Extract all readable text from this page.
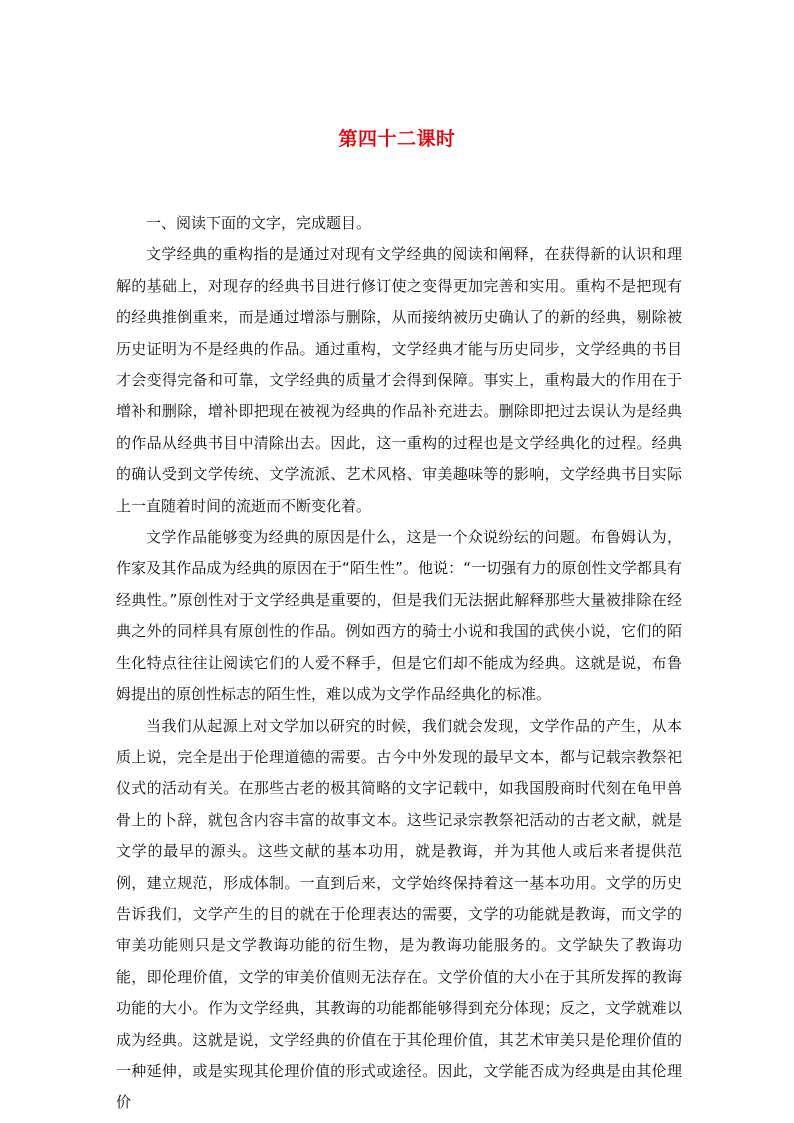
第四十二课时

一、阅读下面的文字，完成题目。

文学经典的重构指的是通过对现有文学经典的阅读和阐释，在获得新的认识和理解的基础上，对现存的经典书目进行修订使之变得更加完善和实用。重构不是把现有的经典推倒重来，而是通过增添与删除，从而接纳被历史确认了的新的经典，剔除被历史证明为不是经典的作品。通过重构，文学经典才能与历史同步，文学经典的书目才会变得完备和可靠，文学经典的质量才会得到保障。事实上，重构最大的作用在于增补和删除，增补即把现在被视为经典的作品补充进去。删除即把过去误认为是经典的作品从经典书目中清除出去。因此，这一重构的过程也是文学经典化的过程。经典的确认受到文学传统、文学流派、艺术风格、审美趣味等的影响，文学经典书目实际上一直随着时间的流逝而不断变化着。

文学作品能够变为经典的原因是什么，这是一个众说纷纭的问题。布鲁姆认为，作家及其作品成为经典的原因在于“陌生性”。他说：“一切强有力的原创性文学都具有经典性。”原创性对于文学经典是重要的，但是我们无法据此解释那些大量被排除在经典之外的同样具有原创性的作品。例如西方的骑士小说和我国的武侠小说，它们的陌生化特点往往让阅读它们的人爱不释手，但是它们却不能成为经典。这就是说，布鲁姆提出的原创性标志的陌生性，难以成为文学作品经典化的标准。

当我们从起源上对文学加以研究的时候，我们就会发现，文学作品的产生，从本质上说，完全是出于伦理道德的需要。古今中外发现的最早文本，都与记载宗教祭祀仪式的活动有关。在那些古老的极其简略的文字记载中，如我国殷商时代刻在龟甲兽骨上的卜辞，就包含内容丰富的故事文本。这些记录宗教祭祀活动的古老文献，就是文学的最早的源头。这些文献的基本功用，就是教诲，并为其他人或后来者提供范例，建立规范，形成体制。一直到后来，文学始终保持着这一基本功用。文学的历史告诉我们，文学产生的目的就在于伦理表达的需要，文学的功能就是教诲，而文学的审美功能则只是文学教诲功能的衍生物，是为教诲功能服务的。文学缺失了教诲功能，即伦理价值，文学的审美价值则无法存在。文学价值的大小在于其所发挥的教诲功能的大小。作为文学经典，其教诲的功能都能够得到充分体现；反之，文学就难以成为经典。这就是说，文学经典的价值在于其伦理价值，其艺术审美只是伦理价值的一种延伸，或是实现其伦理价值的形式或途径。因此，文学能否成为经典是由其伦理价
